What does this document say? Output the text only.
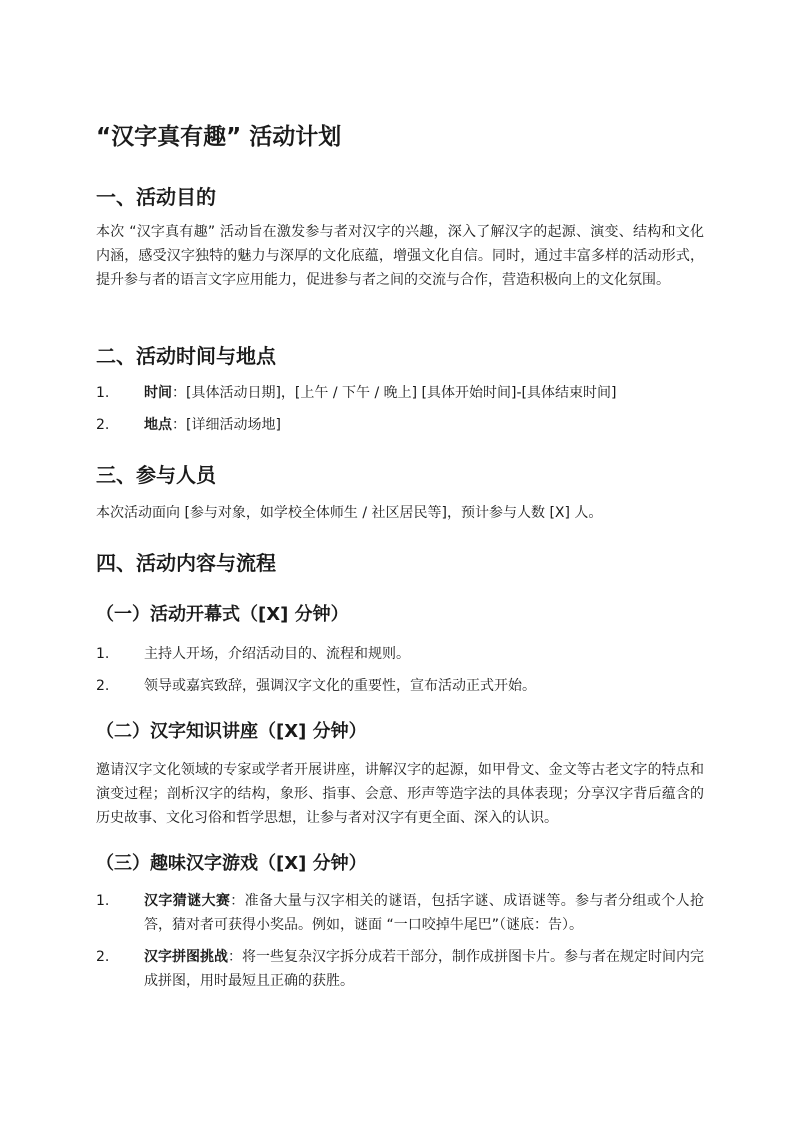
“汉字真有趣” 活动计划
一、活动目的

本次 “汉字真有趣” 活动旨在激发参与者对汉字的兴趣，深入了解汉字的起源、演变、结构和文化内涵，感受汉字独特的魅力与深厚的文化底蕴，增强文化自信。同时，通过丰富多样的活动形式，提升参与者的语言文字应用能力，促进参与者之间的交流与合作，营造积极向上的文化氛围。

二、活动时间与地点
1. 时间：[具体活动日期]，[上午 / 下午 / 晚上] [具体开始时间]-[具体结束时间]
2. 地点：[详细活动场地]
三、参与人员

本次活动面向 [参与对象，如学校全体师生 / 社区居民等]，预计参与人数 [X] 人。

四、活动内容与流程
（一）活动开幕式（[X] 分钟）
1. 主持人开场，介绍活动目的、流程和规则。
2. 领导或嘉宾致辞，强调汉字文化的重要性，宣布活动正式开始。
（二）汉字知识讲座（[X] 分钟）

邀请汉字文化领域的专家或学者开展讲座，讲解汉字的起源，如甲骨文、金文等古老文字的特点和演变过程；剖析汉字的结构，象形、指事、会意、形声等造字法的具体表现；分享汉字背后蕴含的历史故事、文化习俗和哲学思想，让参与者对汉字有更全面、深入的认识。

（三）趣味汉字游戏（[X] 分钟）
1. 汉字猜谜大赛：准备大量与汉字相关的谜语，包括字谜、成语谜等。参与者分组或个人抢答，猜对者可获得小奖品。例如，谜面 “一口咬掉牛尾巴”（谜底：告）。
2. 汉字拼图挑战：将一些复杂汉字拆分成若干部分，制作成拼图卡片。参与者在规定时间内完成拼图，用时最短且正确的获胜。
